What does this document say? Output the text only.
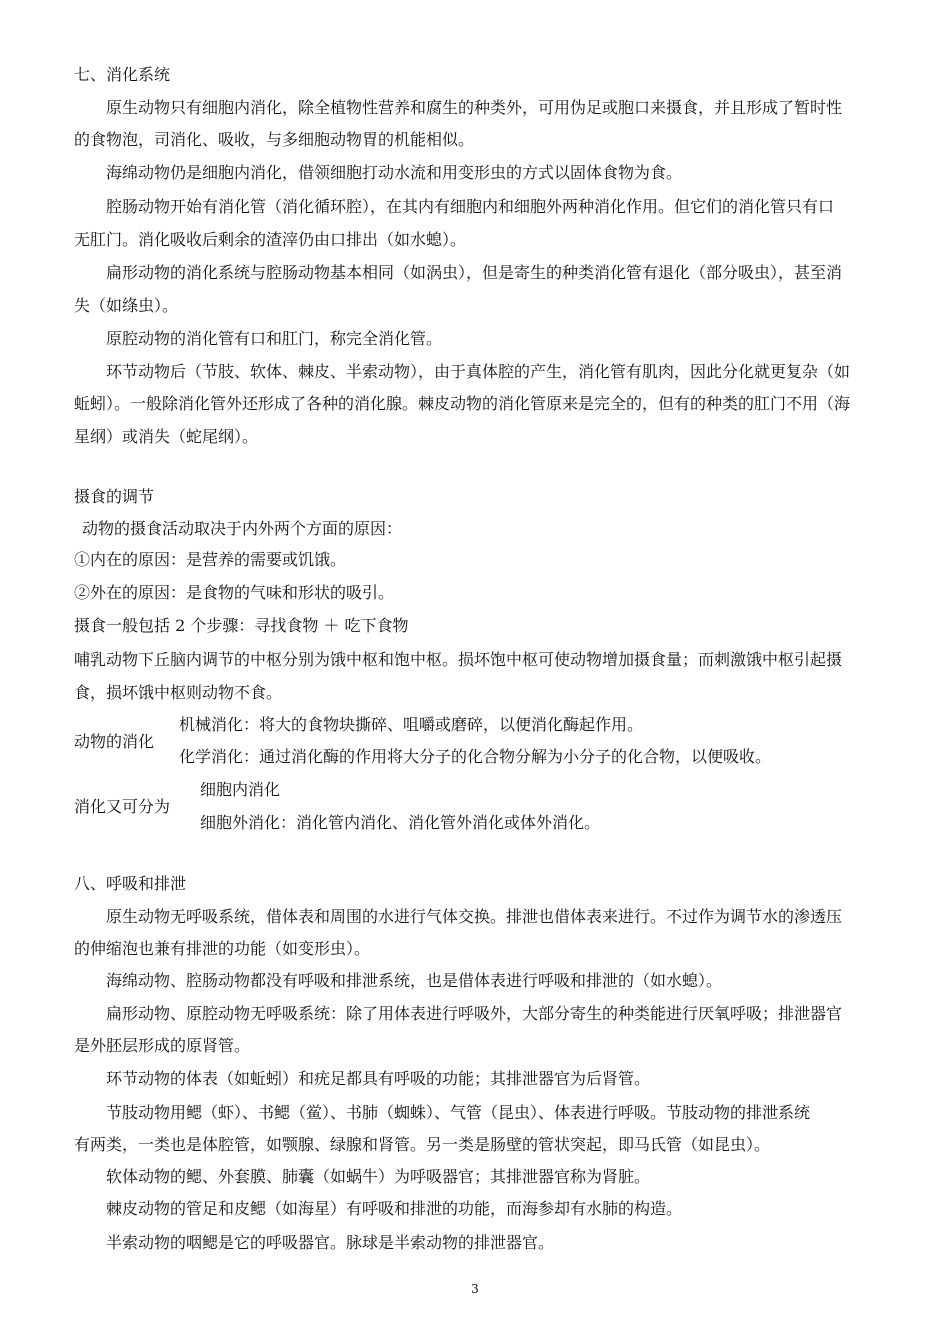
七、消化系统
原生动物只有细胞内消化，除全植物性营养和腐生的种类外，可用伪足或胞口来摄食，并且形成了暂时性
的食物泡，司消化、吸收，与多细胞动物胃的机能相似。
海绵动物仍是细胞内消化，借领细胞打动水流和用变形虫的方式以固体食物为食。
腔肠动物开始有消化管（消化循环腔），在其内有细胞内和细胞外两种消化作用。但它们的消化管只有口
无肛门。消化吸收后剩余的渣滓仍由口排出（如水螅）。
扁形动物的消化系统与腔肠动物基本相同（如涡虫），但是寄生的种类消化管有退化（部分吸虫），甚至消
失（如绦虫）。
原腔动物的消化管有口和肛门，称完全消化管。
环节动物后（节肢、软体、棘皮、半索动物），由于真体腔的产生，消化管有肌肉，因此分化就更复杂（如
蚯蚓）。一般除消化管外还形成了各种的消化腺。棘皮动物的消化管原来是完全的，但有的种类的肛门不用（海
星纲）或消失（蛇尾纲）。
摄食的调节
动物的摄食活动取决于内外两个方面的原因：
①内在的原因：是营养的需要或饥饿。
②外在的原因：是食物的气味和形状的吸引。
摄食一般包括 2 个步骤：寻找食物 ＋ 吃下食物
哺乳动物下丘脑内调节的中枢分别为饿中枢和饱中枢。损坏饱中枢可使动物增加摄食量；而刺激饿中枢引起摄
食，损坏饿中枢则动物不食。
动物的消化
机械消化：将大的食物块撕碎、咀嚼或磨碎，以便消化酶起作用。
化学消化：通过消化酶的作用将大分子的化合物分解为小分子的化合物，以便吸收。
消化又可分为
细胞内消化
细胞外消化：消化管内消化、消化管外消化或体外消化。
八、呼吸和排泄
原生动物无呼吸系统，借体表和周围的水进行气体交换。排泄也借体表来进行。不过作为调节水的渗透压
的伸缩泡也兼有排泄的功能（如变形虫）。
海绵动物、腔肠动物都没有呼吸和排泄系统，也是借体表进行呼吸和排泄的（如水螅）。
扁形动物、原腔动物无呼吸系统：除了用体表进行呼吸外，大部分寄生的种类能进行厌氧呼吸；排泄器官
是外胚层形成的原肾管。
环节动物的体表（如蚯蚓）和疣足都具有呼吸的功能；其排泄器官为后肾管。
节肢动物用鳃（虾）、书鳃（鲎）、书肺（蜘蛛）、气管（昆虫）、体表进行呼吸。节肢动物的排泄系统
有两类，一类也是体腔管，如颚腺、绿腺和肾管。另一类是肠壁的管状突起，即马氏管（如昆虫）。
软体动物的鳃、外套膜、肺囊（如蜗牛）为呼吸器官；其排泄器官称为肾脏。
棘皮动物的管足和皮鳃（如海星）有呼吸和排泄的功能，而海参却有水肺的构造。
半索动物的咽鳃是它的呼吸器官。脉球是半索动物的排泄器官。
3
